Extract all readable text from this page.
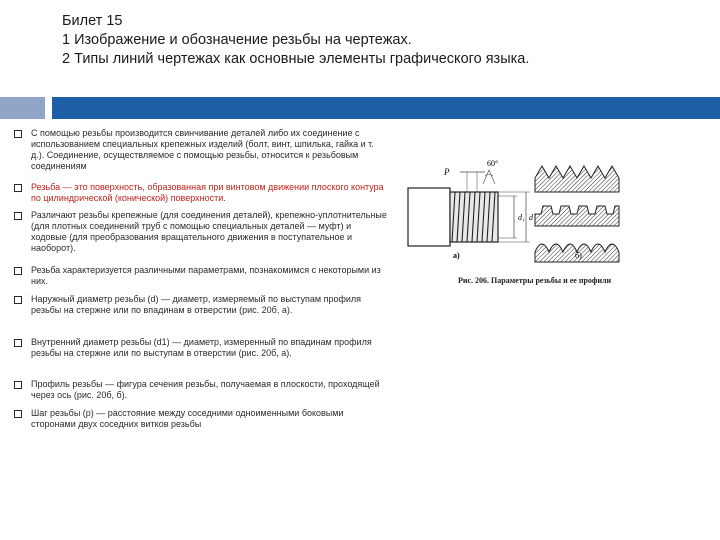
Билет 15
1 Изображение и обозначение резьбы на чертежах.
2 Типы линий чертежах как основные элементы графического языка.
С помощью резьбы производится свинчивание деталей либо их соединение с использованием специальных крепежных изделий (болт, винт, шпилька, гайка и т. д.). Соединение, осуществляемое с помощью резьбы, относится к резьбовым соединениям
Резьба — это поверхность, образованная при винтовом движении плоского контура по цилиндрической (конической) поверхности.
Различают резьбы крепежные (для соединения деталей), крепежно-уплотнительные (для плотных соединений труб с помощью специальных деталей — муфт) и ходовые (для преобразования вращательного движения в поступательное и наоборот).
Резьба характеризуется различными параметрами, познакомимся с некоторыми из них.
Наружный диаметр резьбы (d) — диаметр, измеряемый по выступам профиля резьбы на стержне или по впадинам в отверстии (рис. 20б, а).
Внутренний диаметр резьбы (d1) — диаметр, измеренный по впадинам профиля резьбы на стержне или по выступам в отверстии (рис. 20б, а).
Профиль резьбы — фигура сечения резьбы, получаемая в плоскости, проходящей через ось (рис. 20б, б).
Шаг резьбы (р) — расстояние между соседними одноименными боковыми сторонами двух соседних витков резьбы
P
60°
d₁ d
а)	б)
Рис. 206. Параметры резьбы и ее профили
